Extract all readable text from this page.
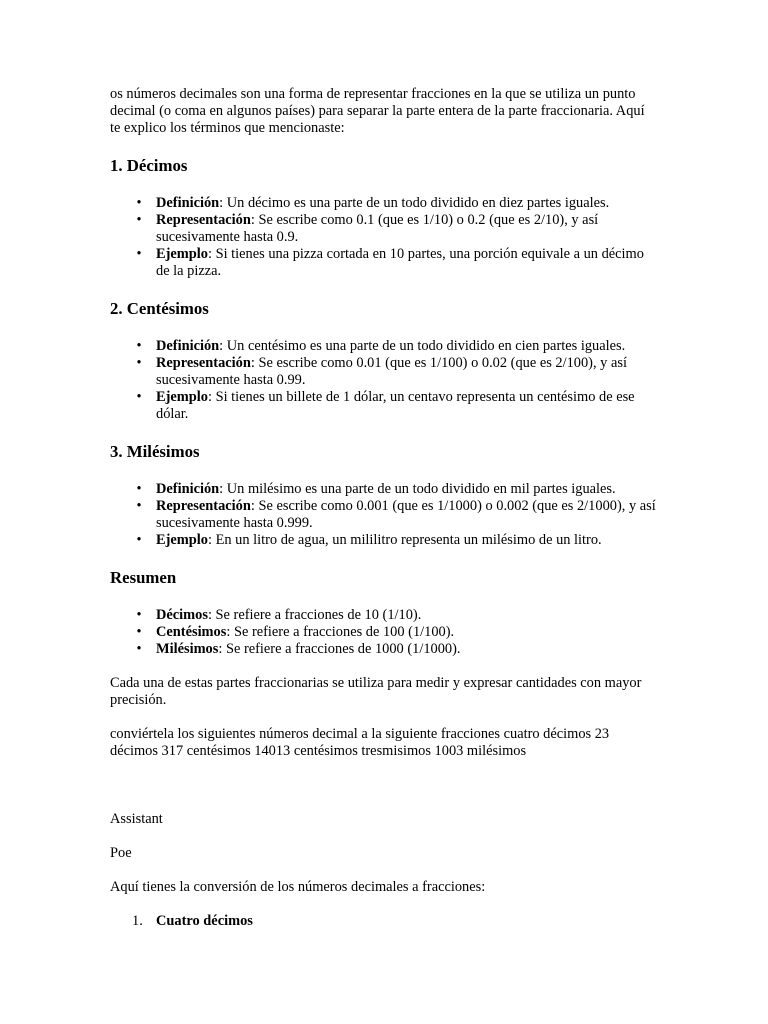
os números decimales son una forma de representar fracciones en la que se utiliza un punto decimal (o coma en algunos países) para separar la parte entera de la parte fraccionaria. Aquí te explico los términos que mencionaste:

1. Décimos
• Definición: Un décimo es una parte de un todo dividido en diez partes iguales.
• Representación: Se escribe como 0.1 (que es 1/10) o 0.2 (que es 2/10), y así sucesivamente hasta 0.9.
• Ejemplo: Si tienes una pizza cortada en 10 partes, una porción equivale a un décimo de la pizza.
2. Centésimos
• Definición: Un centésimo es una parte de un todo dividido en cien partes iguales.
• Representación: Se escribe como 0.01 (que es 1/100) o 0.02 (que es 2/100), y así sucesivamente hasta 0.99.
• Ejemplo: Si tienes un billete de 1 dólar, un centavo representa un centésimo de ese dólar.
3. Milésimos
• Definición: Un milésimo es una parte de un todo dividido en mil partes iguales.
• Representación: Se escribe como 0.001 (que es 1/1000) o 0.002 (que es 2/1000), y así sucesivamente hasta 0.999.
• Ejemplo: En un litro de agua, un mililitro representa un milésimo de un litro.
Resumen
• Décimos: Se refiere a fracciones de 10 (1/10).
• Centésimos: Se refiere a fracciones de 100 (1/100).
• Milésimos: Se refiere a fracciones de 1000 (1/1000).

Cada una de estas partes fraccionarias se utiliza para medir y expresar cantidades con mayor precisión.

conviértela los siguientes números decimal a la siguiente fracciones cuatro décimos 23 décimos 317 centésimos 14013 centésimos tresmisimos 1003 milésimos

Assistant

Poe

Aquí tienes la conversión de los números decimales a fracciones:

1. Cuatro décimos
